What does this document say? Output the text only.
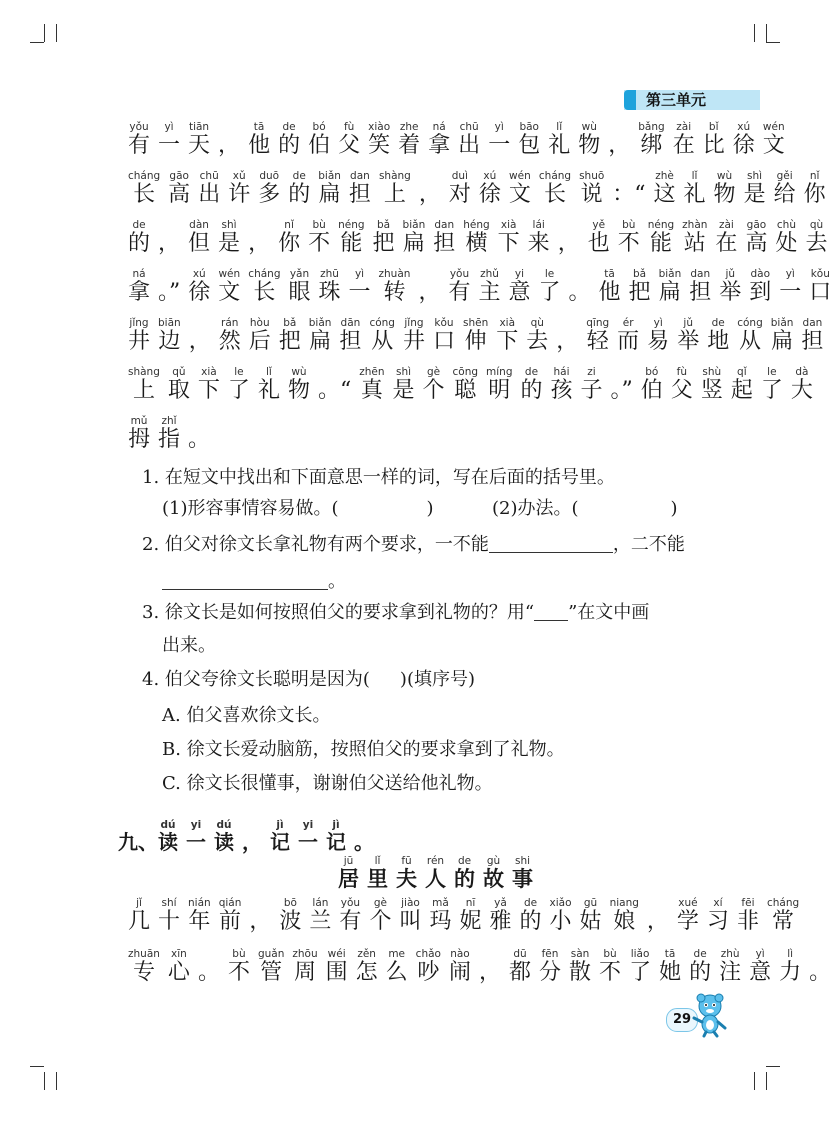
第三单元
有yǒu一yì天tiān， 他tā的de伯bó父fù笑xiào着zhe拿ná出chū一yì包bāo礼lǐ物wù， 绑bǎng在zài比bǐ徐xú文wén
长cháng高gāo出chū许xǔ多duō的de扁biǎn担dan上shàng， 对duì徐xú文wén长cháng说shuō：“ 这zhè礼lǐ物wù是shì给gěi你nǐ
的de， 但dàn是shì， 你nǐ不bù能néng把bǎ扁biǎn担dan横héng下xià来lái， 也yě不bù能néng站zhàn在zài高gāo处chù去qù
拿ná。” 徐xú文wén长cháng眼yǎn珠zhū一yì转zhuàn， 有yǒu主zhǔ意yi了le。 他tā把bǎ扁biǎn担dan举jǔ到dào一yì口kǒu
井jǐng边biān， 然rán后hòu把bǎ扁biǎn担dān从cóng井jǐng口kǒu伸shēn下xià去qù， 轻qīng而ér易yì举jǔ地de从cóng扁biǎn担dan
上shàng取qǔ下xià了le礼lǐ物wù。“ 真zhēn是shì个gè聪cōng明míng的de孩hái子zi。” 伯bó父fù竖shù起qǐ了le大dà
拇mǔ指zhǐ。

1. 在短文中找出和下面意思一样的词，写在后面的括号里。

(1)形容事情容易做。(	)	(2)办法。(	)

2. 伯父对徐文长拿礼物有两个要求，一不能	，二不能

。

3. 徐文长是如何按照伯父的要求拿到礼物的？用“ ”在文中画

出来。

4. 伯父夸徐文长聪明是因为( )(填序号)

A. 伯父喜欢徐文长。

B. 徐文长爱动脑筋，按照伯父的要求拿到了礼物。

C. 徐文长很懂事，谢谢伯父送给他礼物。

九、读dú一yi读dú， 记jì一yi记jì。
居jū里lǐ夫fū人rén的de故gù事shi
几jǐ十shí年nián前qián， 波bō兰lán有yǒu个gè叫jiào玛mǎ妮nī雅yǎ的de小xiǎo姑gū娘niang， 学xué习xí非fēi常cháng
专zhuān心xīn。 不bù管guǎn周zhōu围wéi怎zěn么me吵chǎo闹nào， 都dū分fēn散sàn不bù了liǎo她tā的de注zhù意yì力lì。
29
